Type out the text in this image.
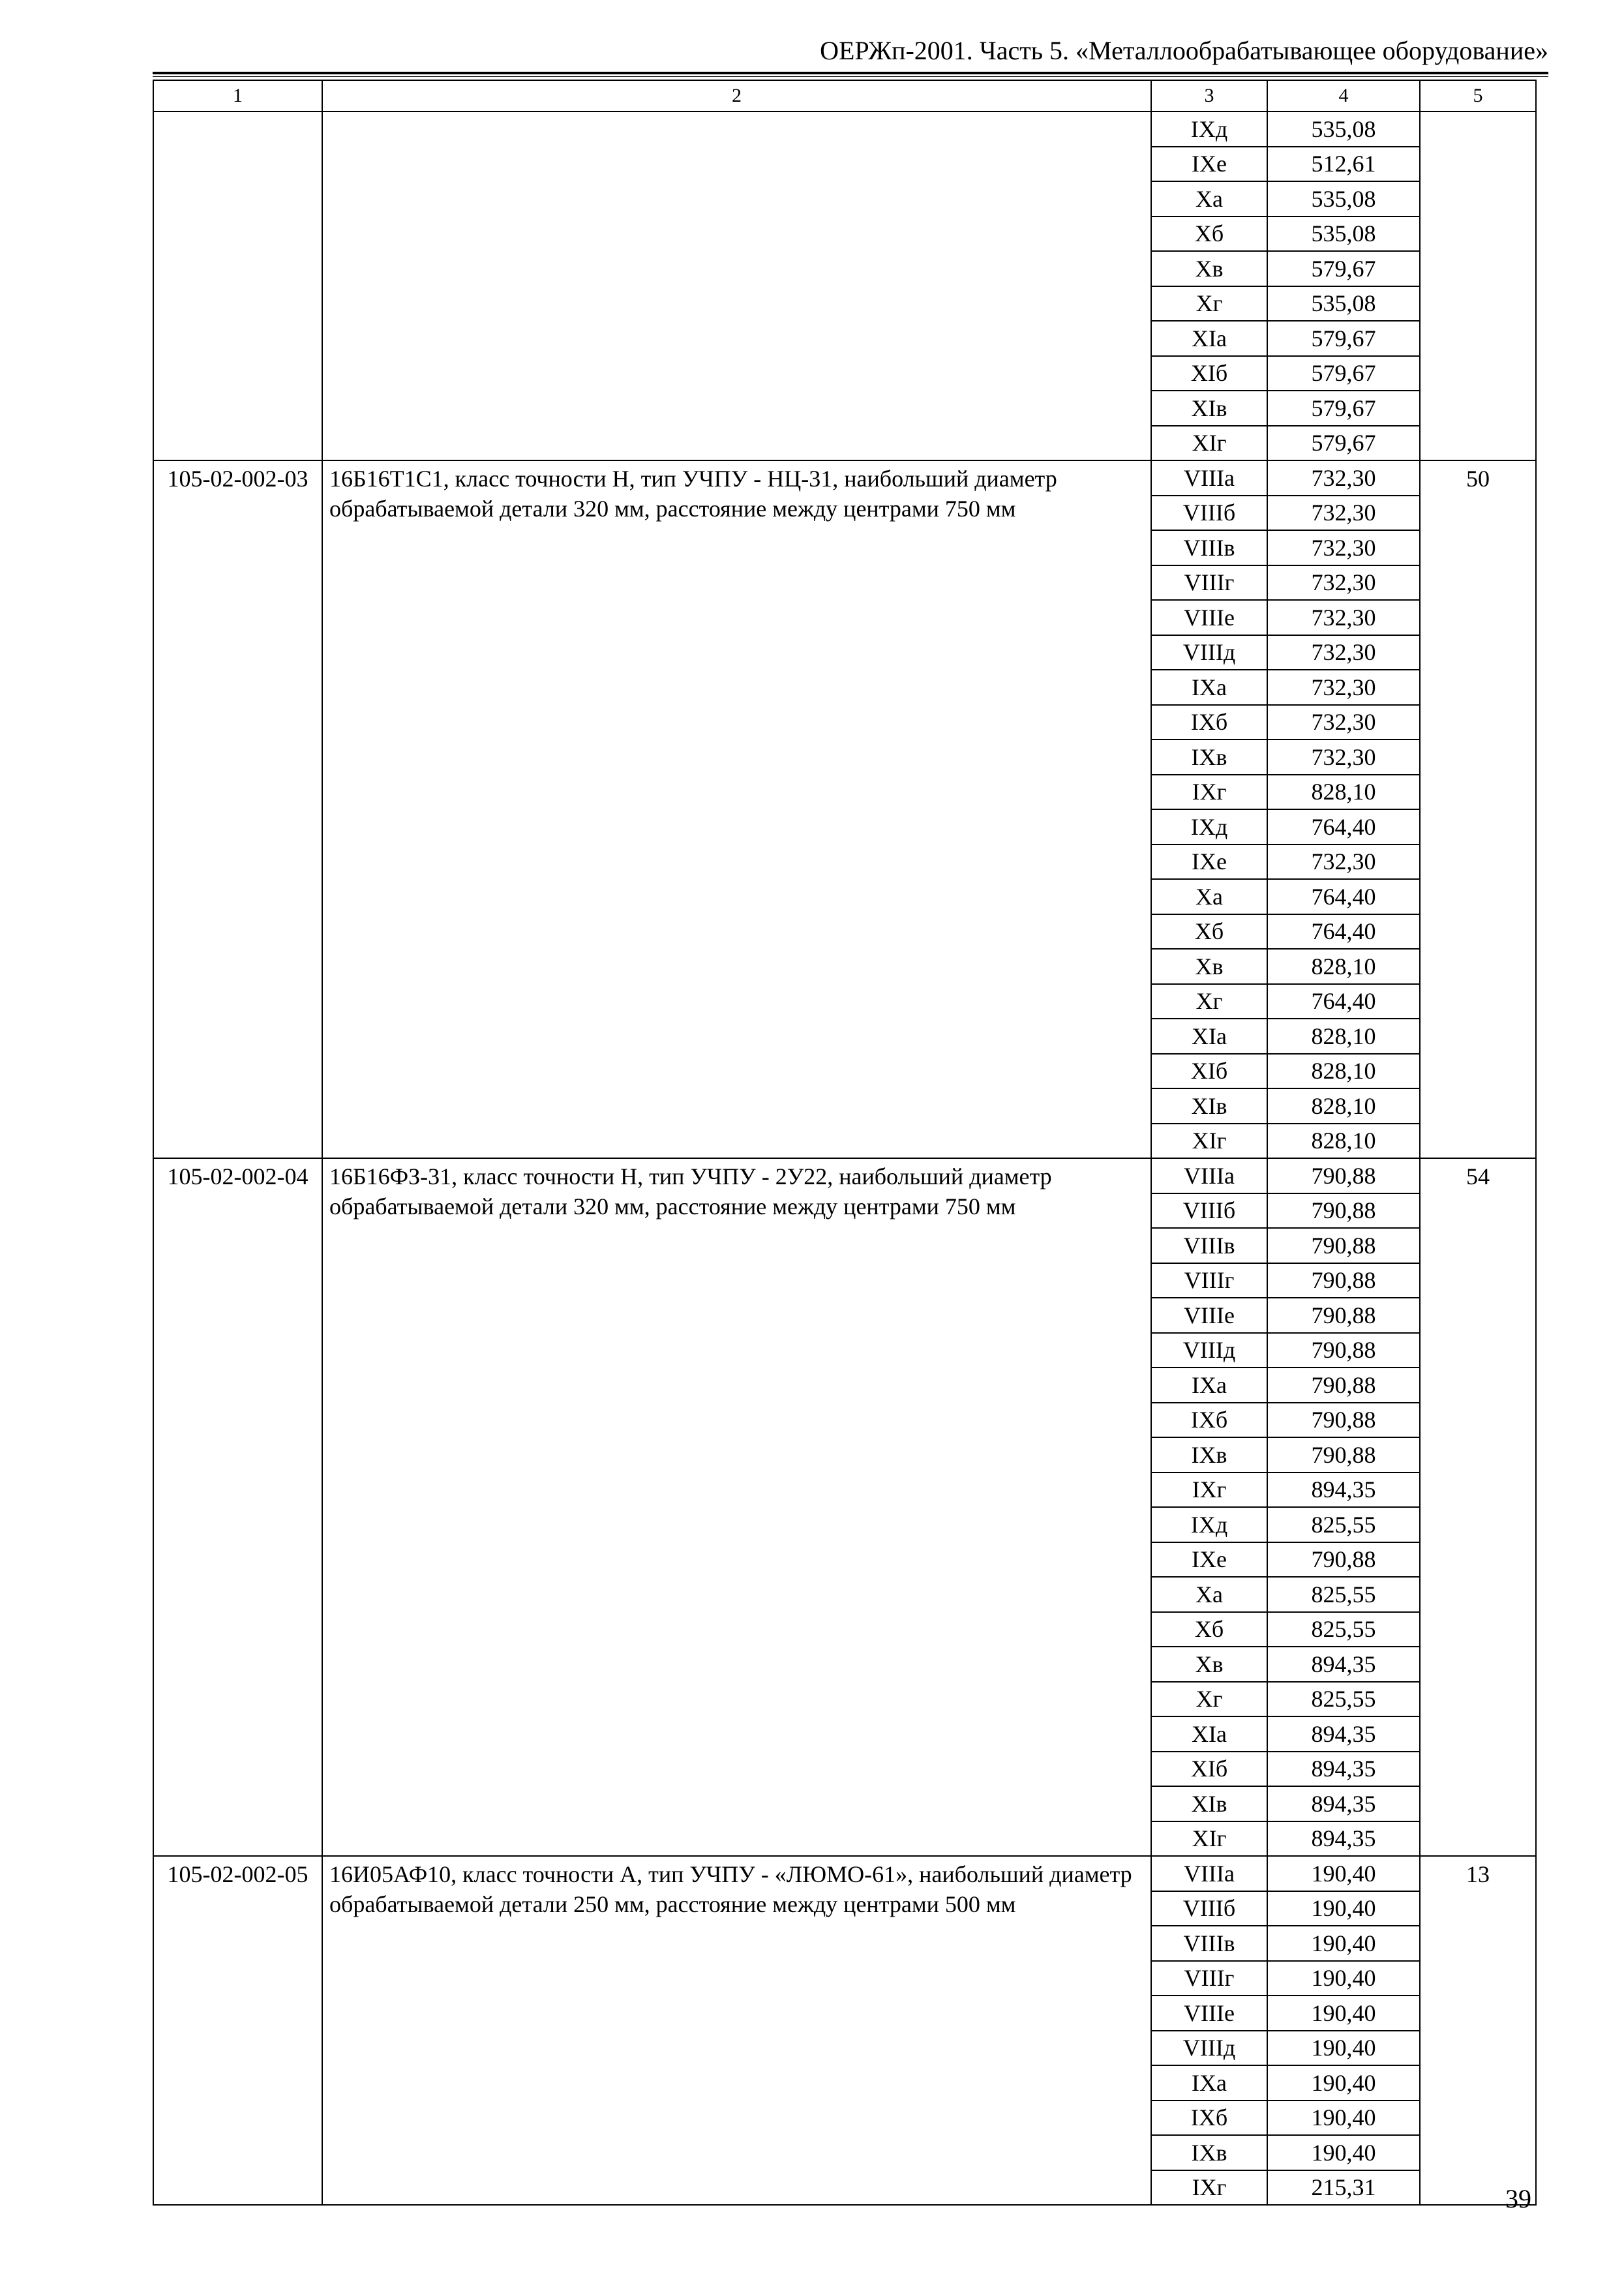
ОЕРЖп-2001. Часть 5. «Металлообрабатывающее оборудование»
1	2	3	4	5
		IXд	535,08	
		IXе	512,61	
		Xа	535,08	
		Xб	535,08	
		Xв	579,67	
		Xг	535,08	
		XIа	579,67	
		XIб	579,67	
		XIв	579,67	
		XIг	579,67	
105-02-002-03	16Б16Т1С1, класс точности Н, тип УЧПУ - НЦ-31, наибольший диаметр обрабатываемой детали 320 мм, расстояние между центрами 750 мм	VIIIа	732,30	50
		VIIIб	732,30	
		VIIIв	732,30	
		VIIIг	732,30	
		VIIIе	732,30	
		VIIIд	732,30	
		IXа	732,30	
		IXб	732,30	
		IXв	732,30	
		IXг	828,10	
		IXд	764,40	
		IXе	732,30	
		Xа	764,40	
		Xб	764,40	
		Xв	828,10	
		Xг	764,40	
		XIа	828,10	
		XIб	828,10	
		XIв	828,10	
		XIг	828,10	
105-02-002-04	16Б16ФЗ-31, класс точности Н, тип УЧПУ - 2У22, наибольший диаметр обрабатываемой детали 320 мм, расстояние между центрами 750 мм	VIIIа	790,88	54
		VIIIб	790,88	
		VIIIв	790,88	
		VIIIг	790,88	
		VIIIе	790,88	
		VIIIд	790,88	
		IXа	790,88	
		IXб	790,88	
		IXв	790,88	
		IXг	894,35	
		IXд	825,55	
		IXе	790,88	
		Xа	825,55	
		Xб	825,55	
		Xв	894,35	
		Xг	825,55	
		XIа	894,35	
		XIб	894,35	
		XIв	894,35	
		XIг	894,35	
105-02-002-05	16И05АФ10, класс точности А, тип УЧПУ - «ЛЮМО-61», наибольший диаметр обрабатываемой детали 250 мм, расстояние между центрами 500 мм	VIIIа	190,40	13
		VIIIб	190,40	
		VIIIв	190,40	
		VIIIг	190,40	
		VIIIе	190,40	
		VIIIд	190,40	
		IXа	190,40	
		IXб	190,40	
		IXв	190,40	
		IXг	215,31		39
